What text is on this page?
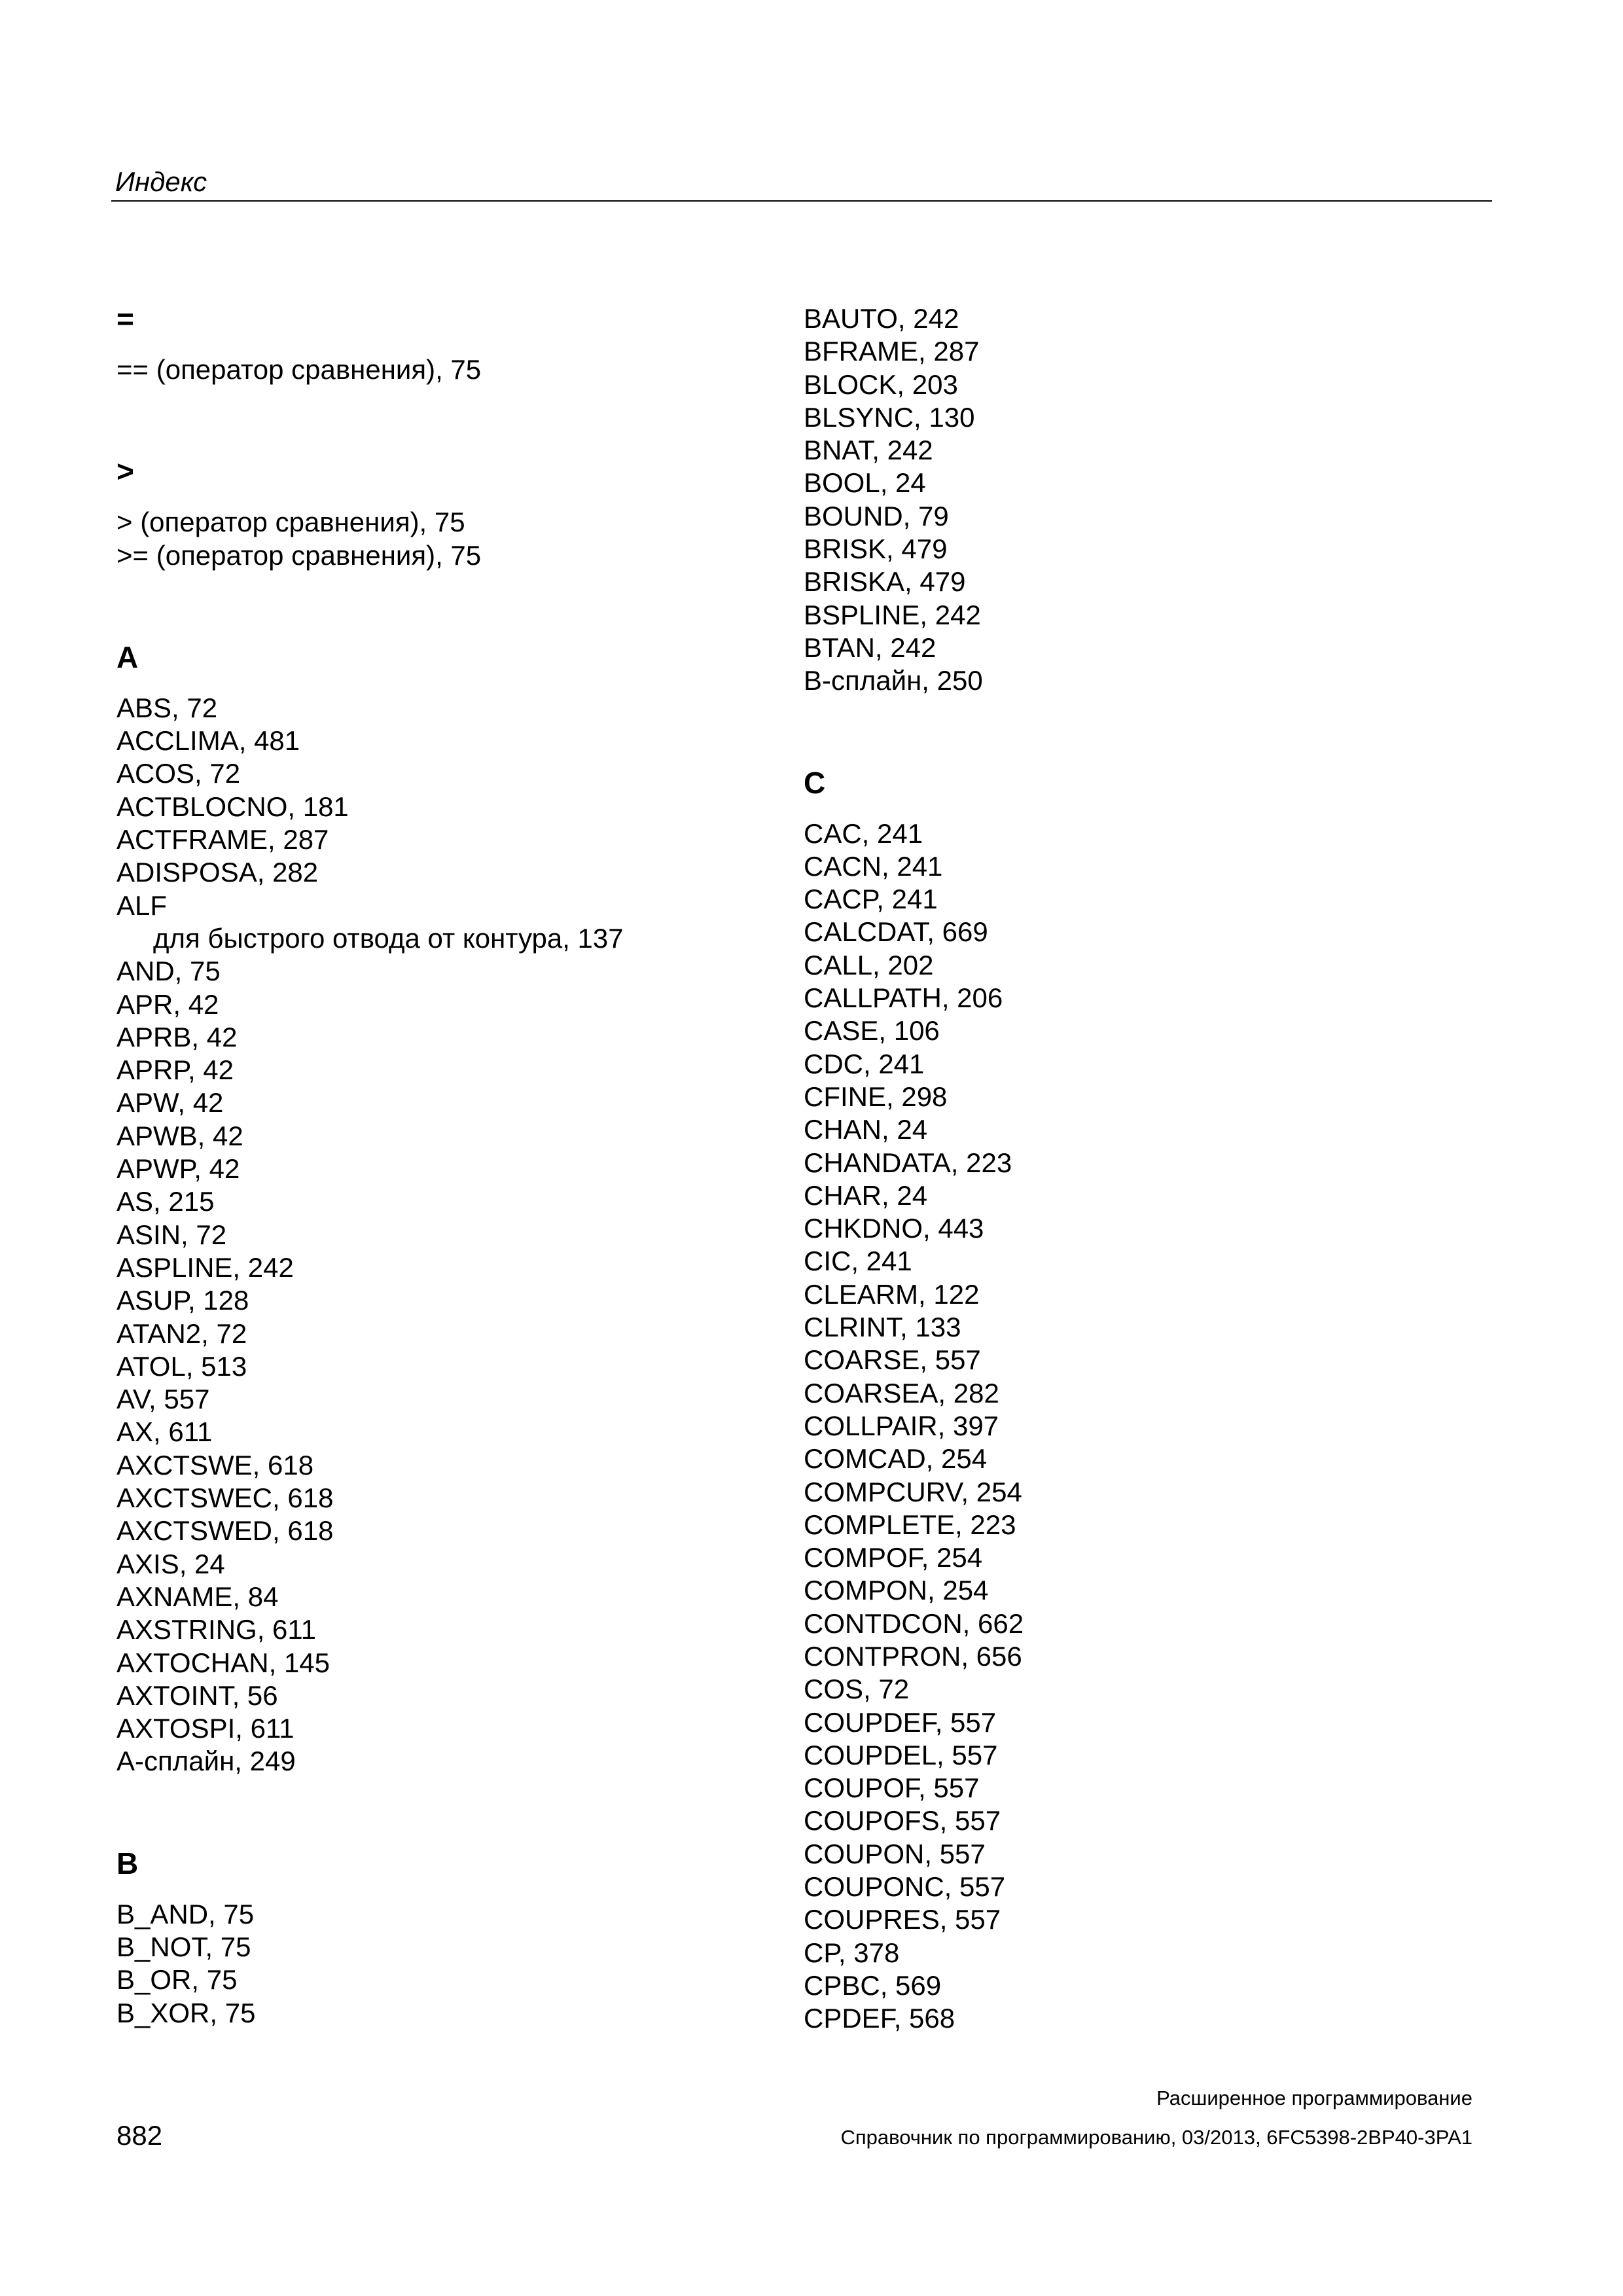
Индекс
=
== (оператор сравнения), 75
>
> (оператор сравнения), 75
>= (оператор сравнения), 75
A
ABS, 72
ACCLIMA, 481
ACOS, 72
ACTBLOCNO, 181
ACTFRAME, 287
ADISPOSA, 282
ALF
для быстрого отвода от контура, 137
AND, 75
APR, 42
APRB, 42
APRP, 42
APW, 42
APWB, 42
APWP, 42
AS, 215
ASIN, 72
ASPLINE, 242
ASUP, 128
ATAN2, 72
ATOL, 513
AV, 557
AX, 611
AXCTSWE, 618
AXCTSWEC, 618
AXCTSWED, 618
AXIS, 24
AXNAME, 84
AXSTRING, 611
AXTOCHAN, 145
AXTOINT, 56
AXTOSPI, 611
А-сплайн, 249
B
B_AND, 75
B_NOT, 75
B_OR, 75
B_XOR, 75
BAUTO, 242
BFRAME, 287
BLOCK, 203
BLSYNC, 130
BNAT, 242
BOOL, 24
BOUND, 79
BRISK, 479
BRISKA, 479
BSPLINE, 242
BTAN, 242
В-сплайн, 250
C
CAC, 241
CACN, 241
CACP, 241
CALCDAT, 669
CALL, 202
CALLPATH, 206
CASE, 106
CDC, 241
CFINE, 298
CHAN, 24
CHANDATA, 223
CHAR, 24
CHKDNO, 443
CIC, 241
CLEARM, 122
CLRINT, 133
COARSE, 557
COARSEA, 282
COLLPAIR, 397
COMCAD, 254
COMPCURV, 254
COMPLETE, 223
COMPOF, 254
COMPON, 254
CONTDCON, 662
CONTPRON, 656
COS, 72
COUPDEF, 557
COUPDEL, 557
COUPOF, 557
COUPOFS, 557
COUPON, 557
COUPONC, 557
COUPRES, 557
CP, 378
CPBC, 569
CPDEF, 568
Расширенное программирование
882	Справочник по программированию, 03/2013, 6FC5398-2BP40-3PA1
